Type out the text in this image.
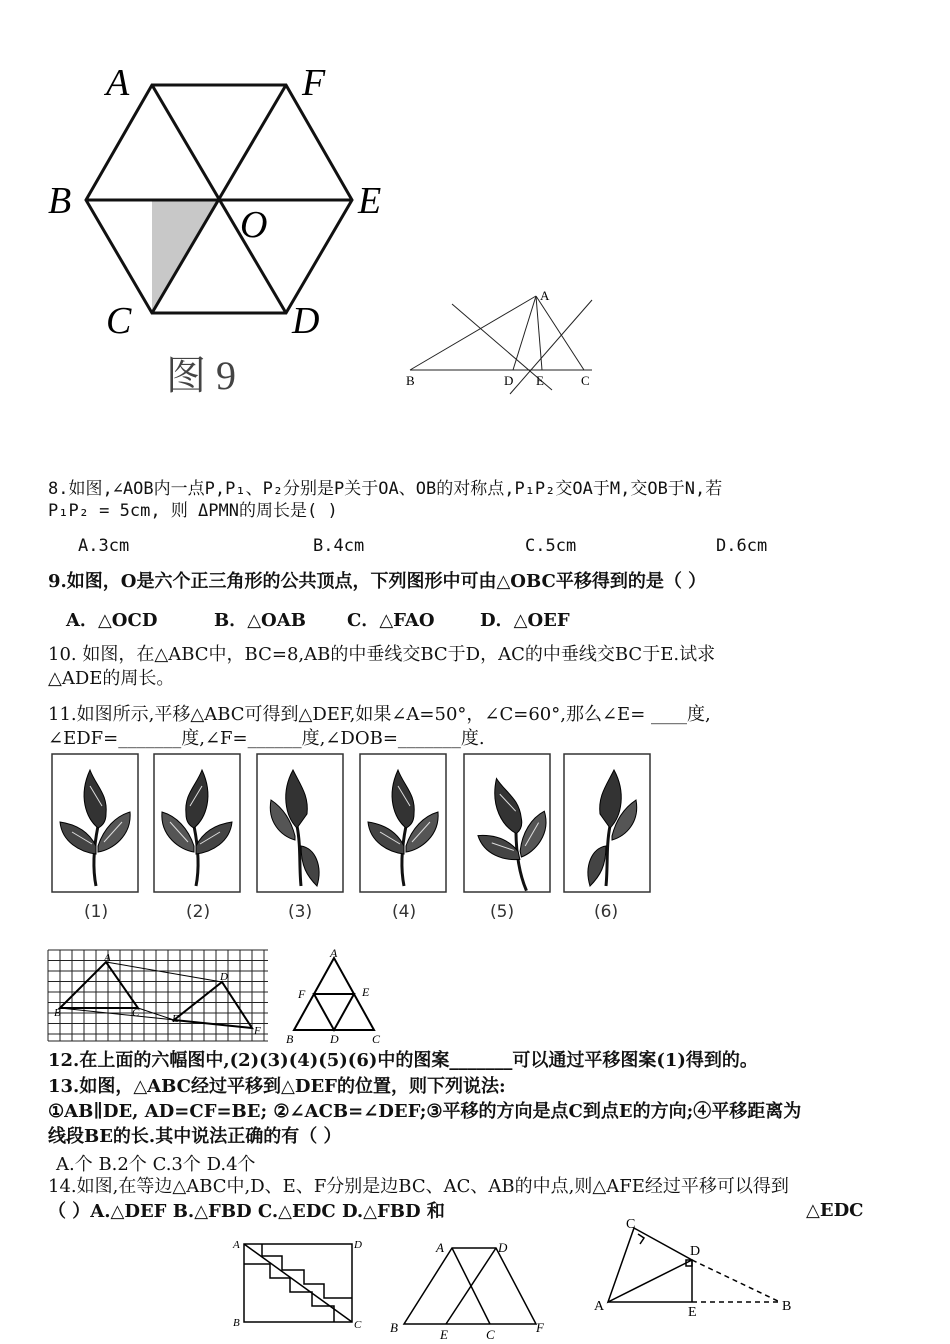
A	F
B	E
O
C	D
图 9
A
B	D E	C
8.如图,∠AOB内一点P,P₁、P₂分别是P关于OA、OB的对称点,P₁P₂交OA于M,交OB于N,若
P₁P₂ = 5cm, 则 ΔPMN的周长是( )
A.3cm	B.4cm	C.5cm	D.6cm
9.如图，O是六个正三角形的公共顶点，下列图形中可由△OBC平移得到的是（ ）
A．△OCD	B．△OAB C．△FAO	D．△OEF
10. 如图，在△ABC中，BC=8,AB的中垂线交BC于D，AC的中垂线交BC于E.试求
△ADE的周长。
11.如图所示,平移△ABC可得到△DEF,如果∠A=50°，∠C=60°,那么∠E= ____度,
∠EDF=_______度,∠F=______度,∠DOB=_______度.
(1)	(2)	(3)	(4)	(5)	(6)
A
B	C
D
E
F
A
F	E
B	D	C
12.在上面的六幅图中,(2)(3)(4)(5)(6)中的图案_______可以通过平移图案(1)得到的。
13.如图，△ABC经过平移到△DEF的位置，则下列说法:
①AB∥DE, AD=CF=BE; ②∠ACB=∠DEF;③平移的方向是点C到点E的方向;④平移距离为
线段BE的长.其中说法正确的有（ ）
A.个 B.2个 C.3个 D.4个
14.如图,在等边△ABC中,D、E、F分别是边BC、AC、AB的中点,则△AFE经过平移可以得到
（ ）A.△DEF B.△FBD C.△EDC D.△FBD 和	△EDC
A	D
B	C
A	D
B	E	C	F
C
D
A	E	B
